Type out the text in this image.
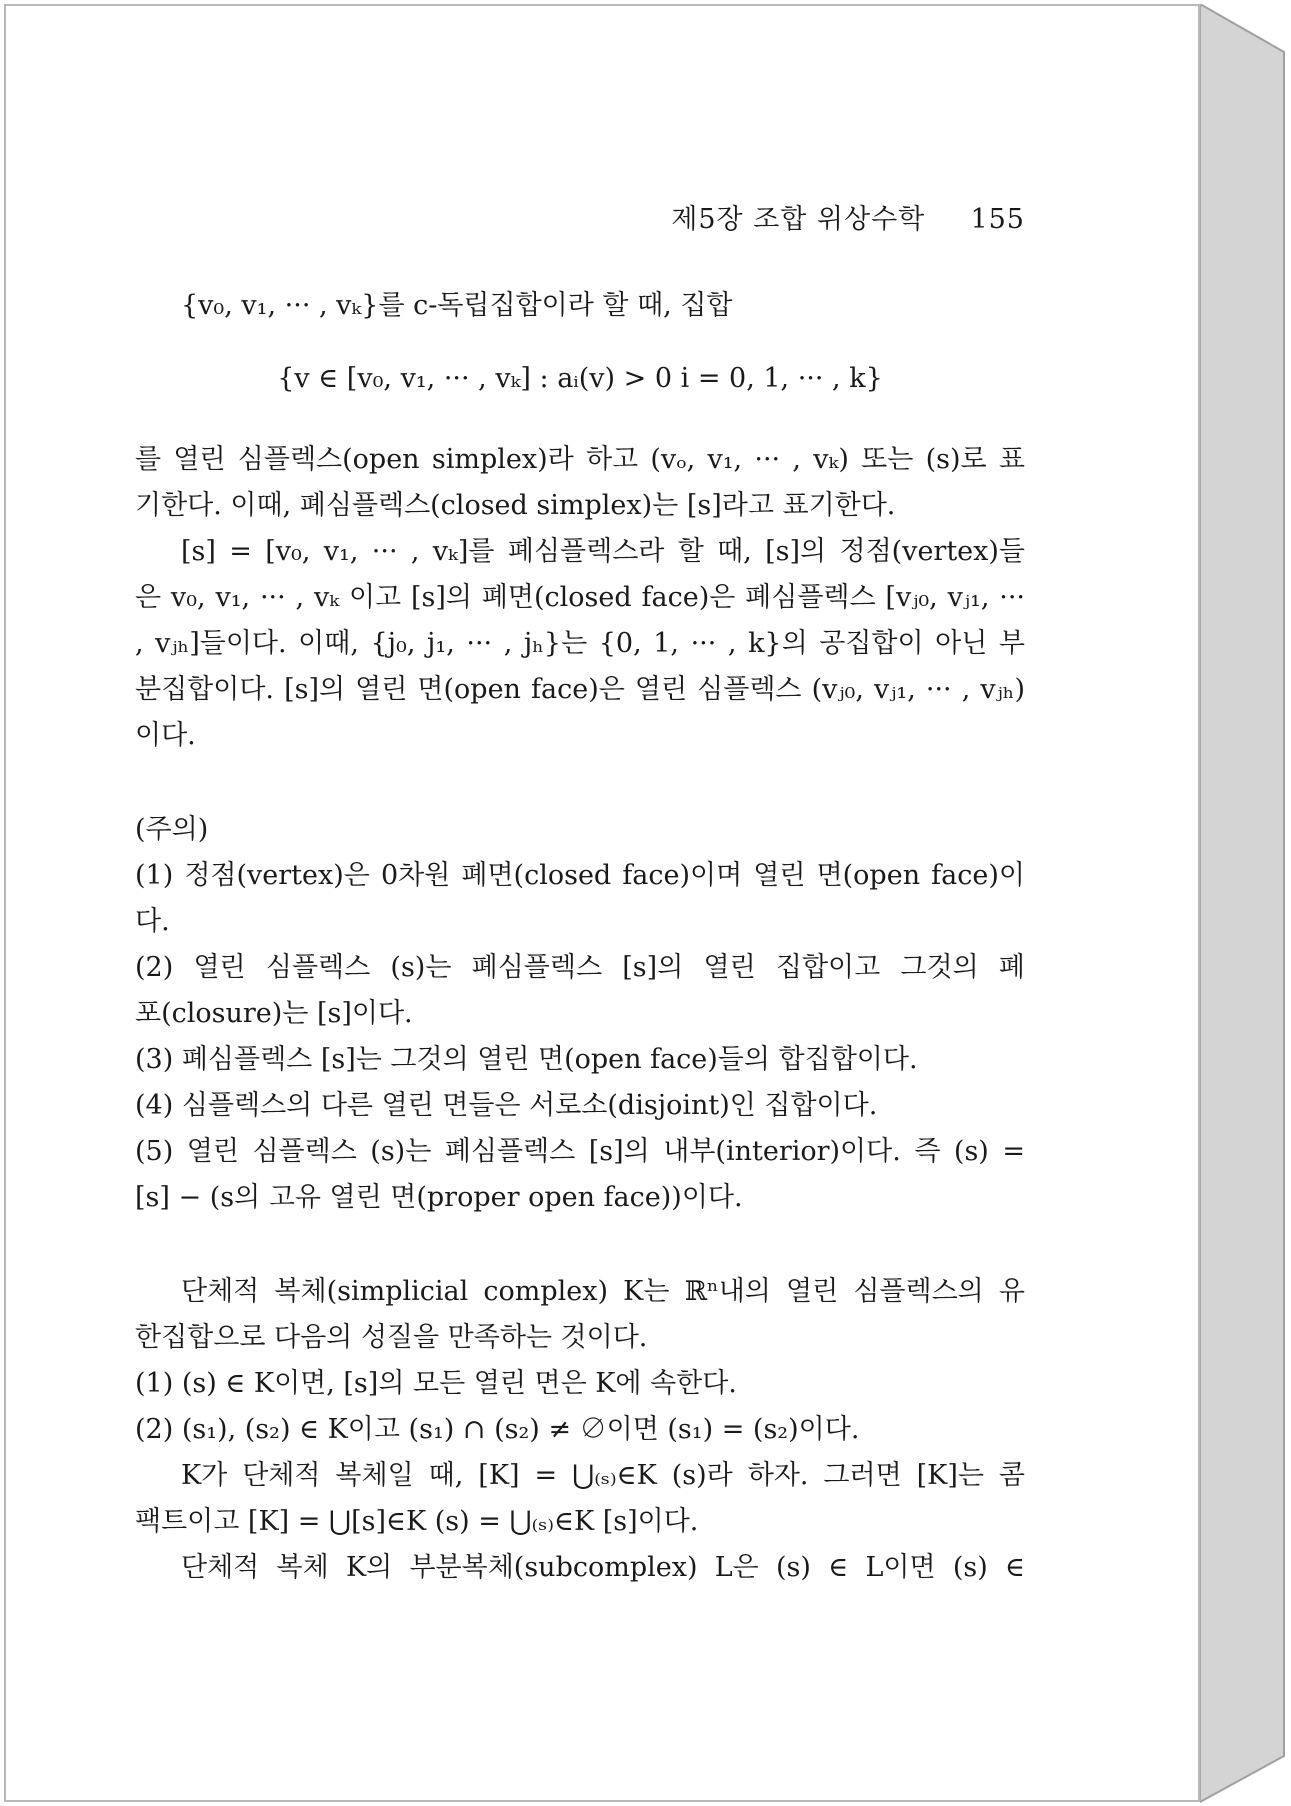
제5장 조합 위상수학 155
{v₀, v₁, ··· , vₖ}를 c-독립집합이라 할 때, 집합
{v ∈ [v₀, v₁, ··· , vₖ] : aᵢ(v) > 0 i = 0, 1, ··· , k}
를 열린 심플렉스(open simplex)라 하고 (vₒ, v₁, ··· , vₖ) 또는 (s)로 표
기한다. 이때, 폐심플렉스(closed simplex)는 [s]라고 표기한다.
[s] = [v₀, v₁, ··· , vₖ]를 폐심플렉스라 할 때, [s]의 정점(vertex)들
은 v₀, v₁, ··· , vₖ 이고 [s]의 폐면(closed face)은 폐심플렉스 [vⱼ₀, vⱼ₁, ···
, vⱼₕ]들이다. 이때, {j₀, j₁, ··· , jₕ}는 {0, 1, ··· , k}의 공집합이 아닌 부
분집합이다. [s]의 열린 면(open face)은 열린 심플렉스 (vⱼ₀, vⱼ₁, ··· , vⱼₕ)
이다.
(주의)
(1) 정점(vertex)은 0차원 폐면(closed face)이며 열린 면(open face)이
다.
(2) 열린 심플렉스 (s)는 폐심플렉스 [s]의 열린 집합이고 그것의 폐
포(closure)는 [s]이다.
(3) 폐심플렉스 [s]는 그것의 열린 면(open face)들의 합집합이다.
(4) 심플렉스의 다른 열린 면들은 서로소(disjoint)인 집합이다.
(5) 열린 심플렉스 (s)는 폐심플렉스 [s]의 내부(interior)이다. 즉 (s) =
[s] − (s의 고유 열린 면(proper open face))이다.
단체적 복체(simplicial complex) K는 ℝⁿ내의 열린 심플렉스의 유
한집합으로 다음의 성질을 만족하는 것이다.
(1) (s) ∈ K이면, [s]의 모든 열린 면은 K에 속한다.
(2) (s₁), (s₂) ∈ K이고 (s₁) ∩ (s₂) ≠ ∅이면 (s₁) = (s₂)이다.
K가 단체적 복체일 때, [K] = ⋃₍ₛ₎∈K (s)라 하자. 그러면 [K]는 콤
팩트이고 [K] = ⋃[s]∈K (s) = ⋃₍ₛ₎∈K [s]이다.
단체적 복체 K의 부분복체(subcomplex) L은 (s) ∈ L이면 (s) ∈
